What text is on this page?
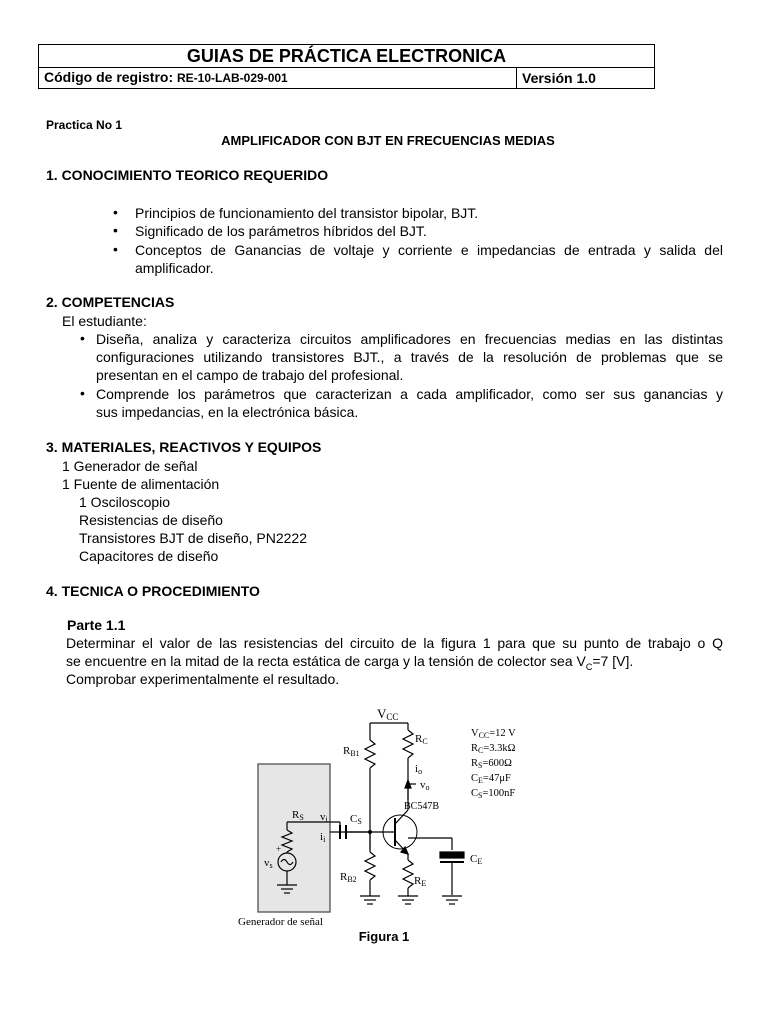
GUIAS DE PRÁCTICA ELECTRONICA
Código de registro: RE-10-LAB-029-001	Versión 1.0
Practica No 1
AMPLIFICADOR CON BJT EN FRECUENCIAS MEDIAS
1. CONOCIMIENTO TEORICO REQUERIDO
• Principios de funcionamiento del transistor bipolar, BJT.
• Significado de los parámetros híbridos del BJT.
• Conceptos de Ganancias de voltaje y corriente e impedancias de entrada y salida del
amplificador.
2. COMPETENCIAS
El estudiante:
• Diseña, analiza y caracteriza circuitos amplificadores en frecuencias medias en las distintas
configuraciones utilizando transistores BJT., a través de la resolución de problemas que se
presentan en el campo de trabajo del profesional.
• Comprende los parámetros que caracterizan a cada amplificador, como ser sus ganancias y
sus impedancias, en la electrónica básica.
3. MATERIALES, REACTIVOS Y EQUIPOS
1 Generador de señal
1 Fuente de alimentación
1 Osciloscopio
Resistencias de diseño
Transistores BJT de diseño, PN2222
Capacitores de diseño
4. TECNICA O PROCEDIMIENTO
Parte 1.1
Determinar el valor de las resistencias del circuito de la figura 1 para que su punto de trabajo o Q
se encuentre en la mitad de la recta estática de carga y la tensión de colector sea $V_C=7$ [V].
Comprobar experimentalmente el resultado.
VCC
RC
RB1
io
vo
BC547B
vi
ii
CS
RS
vs
+
RB2	RE
CE
Generador de señal
VCC=12 V
RC=3.3kΩ
RS=600Ω
CE=47μF
CS=100nF
Figura 1
